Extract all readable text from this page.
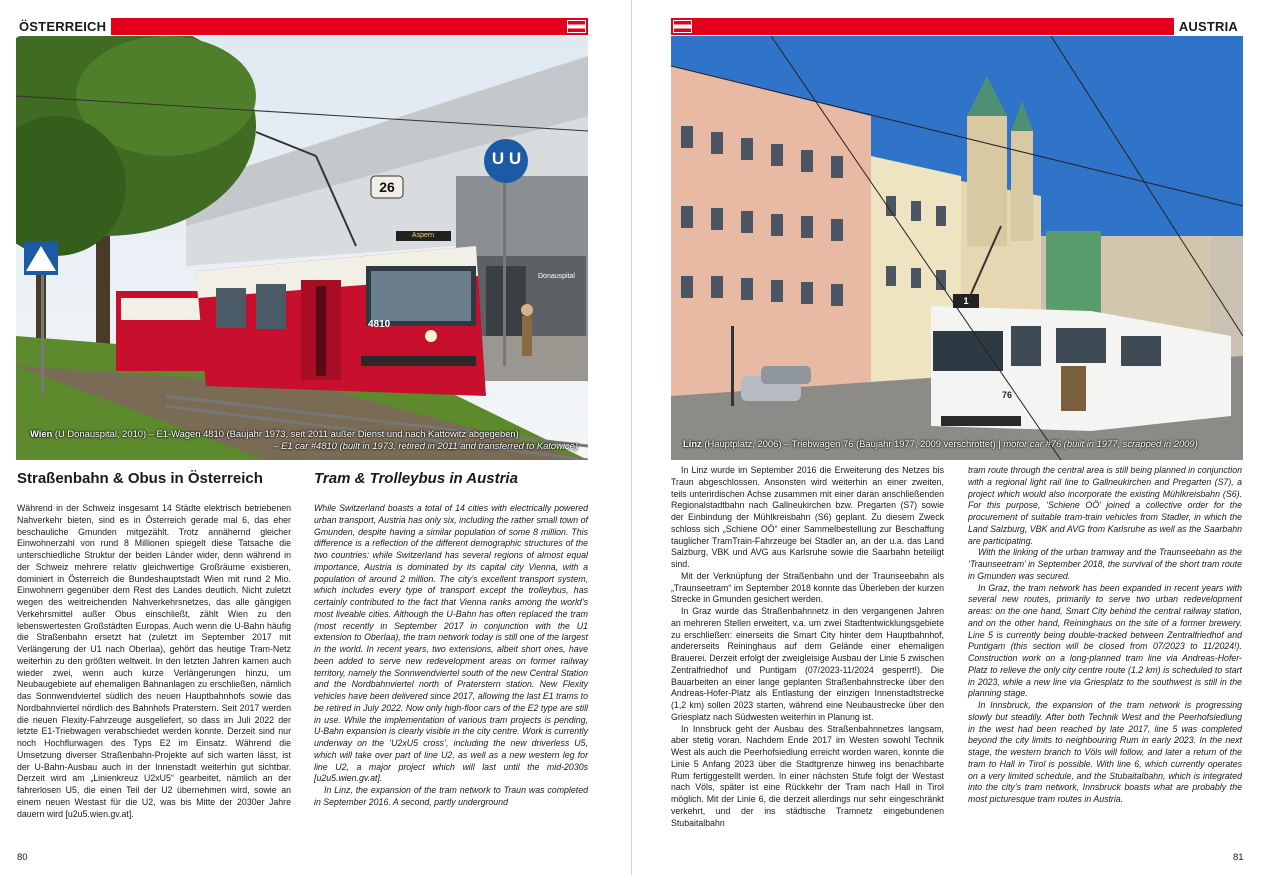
ÖSTERREICH	AUSTRIA
U U
26
Aspern
4810
Donauspital
Wien (U Donauspital, 2010) – E1-Wagen 4810 (Baujahr 1973, seit 2011 außer Dienst und nach Kattowitz abgegeben)
– E1 car #4810 (built in 1973, retired in 2011 and transferred to Katowice)
1
76
Linz (Hauptplatz, 2006) – Triebwagen 76 (Baujahr 1977, 2009 verschrottet) | motor car #76 (built in 1977, scrapped in 2009)
Straßenbahn & Obus in Österreich	Tram & Trolleybus in Austria

Während in der Schweiz insgesamt 14 Städte elektrisch betriebenen Nahverkehr bieten, sind es in Österreich gerade mal 6, das eher beschauliche Gmunden mitgezählt. Trotz annähernd gleicher Einwohnerzahl von rund 8 Millionen spiegelt diese Tatsache die unterschiedliche Struktur der beiden Länder wider, denn während in der Schweiz mehrere relativ gleichwertige Großräume existieren, dominiert in Österreich die Bundeshauptstadt Wien mit rund 2 Mio. Einwohnern gegenüber dem Rest des Landes deutlich. Nicht zuletzt wegen des weitreichenden Nahverkehrsnetzes, das alle gängigen Verkehrsmittel außer Obus einschließt, zählt Wien zu den lebenswertesten Großstädten Europas. Auch wenn die U-Bahn häufig die Straßenbahn ersetzt hat (zuletzt im September 2017 mit Verlängerung der U1 nach Oberlaa), gehört das heutige Tram-Netz weiterhin zu den größten weltweit. In den letzten Jahren kamen auch wieder zwei, wenn auch kurze Verlängerungen hinzu, um Neubaugebiete auf ehemaligen Bahnanlagen zu erschließen, nämlich das Sonnwendviertel südlich des neuen Hauptbahnhofs sowie das Nordbahnviertel nördlich des Bahnhofs Praterstern. Seit 2017 werden die neuen Flexity-Fahrzeuge ausgeliefert, so dass im Juli 2022 der letzte E1-Triebwagen verabschiedet werden konnte. Derzeit sind nur noch Hochflurwagen des Typs E2 im Einsatz. Während die Umsetzung diverser Straßenbahn-Projekte auf sich warten lässt, ist der U-Bahn-Ausbau auch in der Innenstadt weiterhin gut sichtbar. Derzeit wird am „Linienkreuz U2xU5“ gearbeitet, nämlich an der fahrerlosen U5, die einen Teil der U2 übernehmen wird, sowie an einem neuen Westast für die U2, was bis Mitte der 2030er Jahre dauern wird [u2u5.wien.gv.at].

While Switzerland boasts a total of 14 cities with electrically powered urban transport, Austria has only six, including the rather small town of Gmunden, despite having a similar population of some 8 million. This difference is a reflection of the different demographic structures of the two countries: while Switzerland has several regions of almost equal importance, Austria is dominated by its capital city Vienna, with a population of around 2 million. The city’s excellent transport system, which includes every type of transport except the trolleybus, has certainly contributed to the fact that Vienna ranks among the world’s most liveable cities. Although the U-Bahn has often replaced the tram (most recently in September 2017 in conjunction with the U1 extension to Oberlaa), the tram network today is still one of the largest in the world. In recent years, two extensions, albeit short ones, have been added to serve new redevelopment areas on former railway territory, namely the Sonnwendviertel south of the new Central Station and the Nordbahnviertel north of Praterstern station. New Flexity vehicles have been delivered since 2017, allowing the last E1 trams to be retired in July 2022. Now only high-floor cars of the E2 type are still in use. While the implementation of various tram projects is pending, U-Bahn expansion is clearly visible in the city centre. Work is currently underway on the ‘U2xU5 cross’, including the new driverless U5, which will take over part of line U2, as well as a new western leg for line U2, a major project which will last until the mid-2030s [u2u5.wien.gv.at].

In Linz, the expansion of the tram network to Traun was completed in September 2016. A second, partly underground

In Linz wurde im September 2016 die Erweiterung des Netzes bis Traun abgeschlossen. Ansonsten wird weiterhin an einer zweiten, teils unterirdischen Achse zusammen mit einer daran anschließenden Regionalstadtbahn nach Gallneukirchen bzw. Pregarten (S7) sowie der Einbindung der Mühlkreisbahn (S6) geplant. Zu diesem Zweck schloss sich „Schiene OÖ“ einer Sammelbestellung zur Beschaffung tauglicher TramTrain-Fahrzeuge bei Stadler an, an der u.a. das Land Salzburg, VBK und AVG aus Karlsruhe sowie die Saarbahn beteiligt sind.

Mit der Verknüpfung der Straßenbahn und der Traunseebahn als „Traunseetram“ im September 2018 konnte das Überleben der kurzen Strecke in Gmunden gesichert werden.

In Graz wurde das Straßenbahnnetz in den vergangenen Jahren an mehreren Stellen erweitert, v.a. um zwei Stadtentwicklungsgebiete zu erschließen: einerseits die Smart City hinter dem Hauptbahnhof, andererseits Reininghaus auf dem Gelände einer ehemaligen Brauerei. Derzeit erfolgt der zweigleisige Ausbau der Linie 5 zwischen Zentralfriedhof und Puntigam (07/2023-11/2024 gesperrt!). Die Bauarbeiten an einer lange geplanten Straßenbahnstrecke über den Andreas-Hofer-Platz als Entlastung der einzigen Innenstadtstrecke (1,2 km) sollen 2023 starten, während eine Neubaustrecke über den Griesplatz nach Südwesten weiterhin in Planung ist.

In Innsbruck geht der Ausbau des Straßenbahnnetzes langsam, aber stetig voran. Nachdem Ende 2017 im Westen sowohl Technik West als auch die Peerhofsiedlung erreicht worden waren, konnte die Linie 5 Anfang 2023 über die Stadtgrenze hinweg ins benachbarte Rum fertiggestellt werden. In einer nächsten Stufe folgt der Westast nach Völs, später ist eine Rückkehr der Tram nach Hall in Tirol möglich. Mit der Linie 6, die derzeit allerdings nur sehr eingeschränkt verkehrt, und der ins städtische Tramnetz eingebundenen Stubaitalbahn

tram route through the central area is still being planned in conjunction with a regional light rail line to Gallneukirchen and Pregarten (S7), a project which would also incorporate the existing Mühlkreisbahn (S6). For this purpose, ‘Schiene OÖ’ joined a collective order for the procurement of suitable tram-train vehicles from Stadler, in which the Land Salzburg, VBK and AVG from Karlsruhe as well as the Saarbahn are participating.

With the linking of the urban tramway and the Traunseebahn as the ‘Traunseetram’ in September 2018, the survival of the short tram route in Gmunden was secured.

In Graz, the tram network has been expanded in recent years with several new routes, primarily to serve two urban redevelopment areas: on the one hand, Smart City behind the central railway station, and on the other hand, Reininghaus on the site of a former brewery. Line 5 is currently being double-tracked between Zentralfriedhof and Puntigam (this section will be closed from 07/2023 to 11/2024!). Construction work on a long-planned tram line via Andreas-Hofer-Platz to relieve the only city centre route (1.2 km) is scheduled to start in 2023, while a new line via Griesplatz to the southwest is still in the planning stage.

In Innsbruck, the expansion of the tram network is progressing slowly but steadily. After both Technik West and the Peerhofsiedlung in the west had been reached by late 2017, line 5 was completed beyond the city limits to neighbouring Rum in early 2023. In the next stage, the western branch to Völs will follow, and later a return of the tram to Hall in Tirol is possible. With line 6, which currently operates on a very limited schedule, and the Stubaitalbahn, which is integrated into the city’s tram network, Innsbruck boasts what are probably the most picturesque tram routes in Austria.

80	81
